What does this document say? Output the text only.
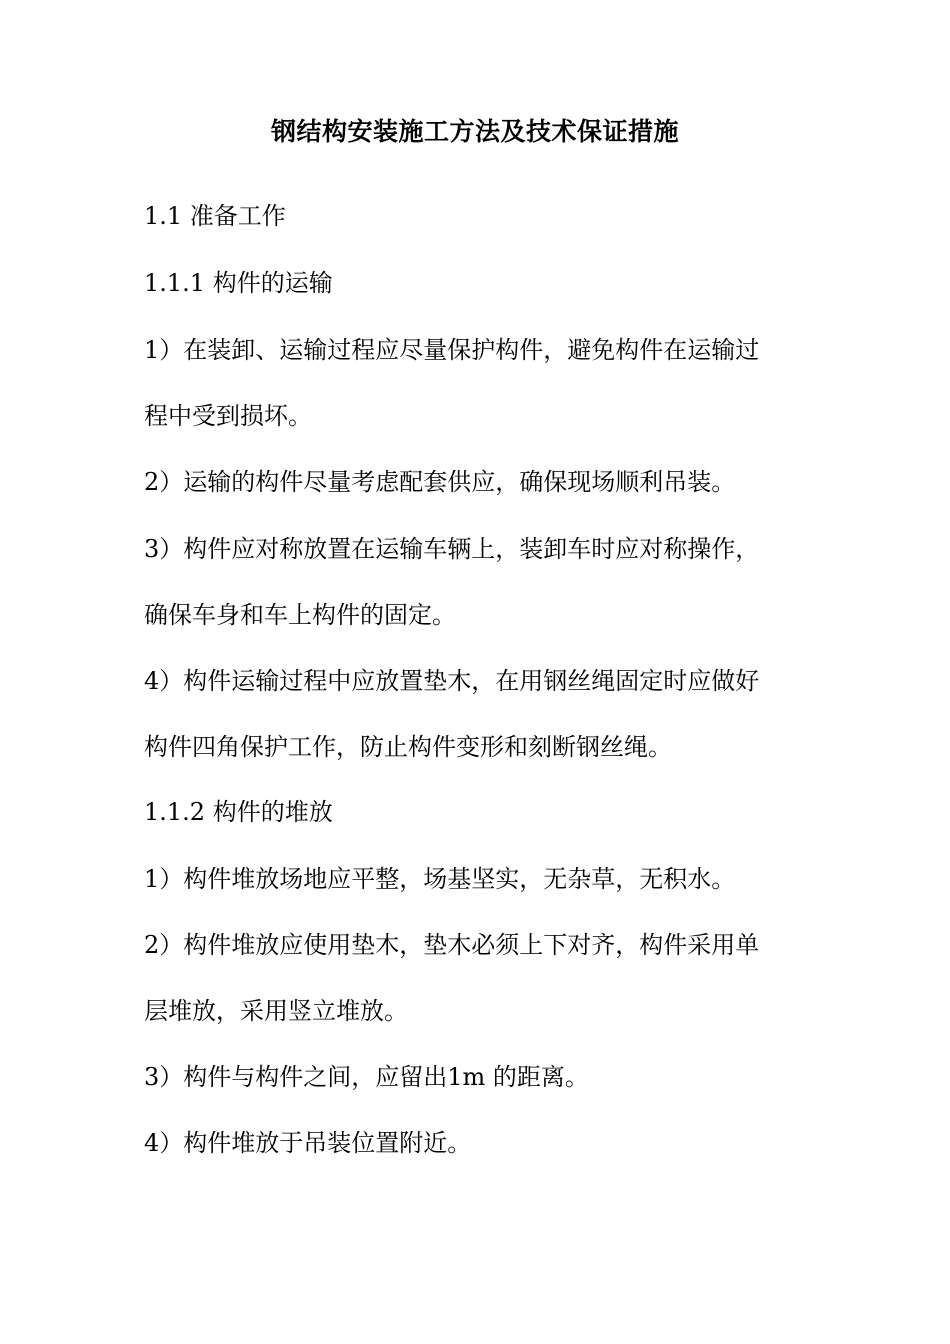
钢结构安装施工方法及技术保证措施
1.1 准备工作
1.1.1 构件的运输
1）在装卸、运输过程应尽量保护构件，避免构件在运输过
程中受到损坏。
2）运输的构件尽量考虑配套供应，确保现场顺利吊装。
3）构件应对称放置在运输车辆上，装卸车时应对称操作，
确保车身和车上构件的固定。
4）构件运输过程中应放置垫木，在用钢丝绳固定时应做好
构件四角保护工作，防止构件变形和刻断钢丝绳。
1.1.2 构件的堆放
1）构件堆放场地应平整，场基坚实，无杂草，无积水。
2）构件堆放应使用垫木，垫木必须上下对齐，构件采用单
层堆放，采用竖立堆放。
3）构件与构件之间，应留出1m 的距离。
4）构件堆放于吊装位置附近。
